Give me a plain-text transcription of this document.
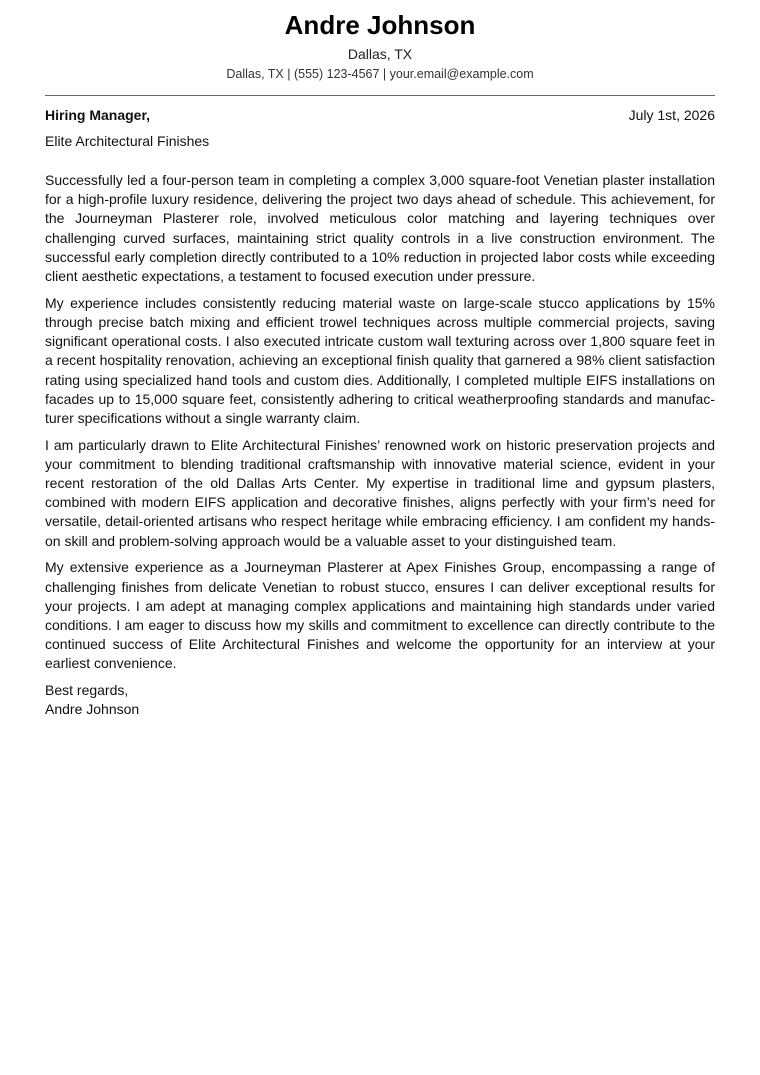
Andre Johnson
Dallas, TX
Dallas, TX | (555) 123-4567 | your.email@example.com
Hiring Manager,	July 1st, 2026
Elite Architectural Finishes

Successfully led a four-person team in completing a complex 3,000 square-foot Venetian plaster installation for a high-profile luxury residence, delivering the project two days ahead of schedule. This achievement, for the Journeyman Plasterer role, involved meticulous color matching and layering techniques over challenging curved surfaces, maintaining strict quality controls in a live construction environment. The successful early completion directly contributed to a 10% reduction in projected labor costs while exceeding client aesthetic expectations, a testament to focused execution under pressure.

My experience includes consistently reducing material waste on large-scale stucco applications by 15% through precise batch mixing and efficient trowel techniques across multiple commercial projects, saving significant operational costs. I also executed intricate custom wall texturing across over 1,800 square feet in a recent hospitality renovation, achieving an exceptional finish quality that garnered a 98% client satisfaction rating using specialized hand tools and custom dies. Additionally, I completed multiple EIFS installations on facades up to 15,000 square feet, consistently adhering to critical weatherproofing standards and manufacturer specifications without a single warranty claim.

I am particularly drawn to Elite Architectural Finishes’ renowned work on historic preservation projects and your commitment to blending traditional craftsmanship with innovative material science, evident in your recent restoration of the old Dallas Arts Center. My expertise in traditional lime and gypsum plasters, combined with modern EIFS application and decorative finishes, aligns perfectly with your firm’s need for versatile, detail-oriented artisans who respect heritage while embracing efficiency. I am confident my hands-on skill and problem-solving approach would be a valuable asset to your distinguished team.

My extensive experience as a Journeyman Plasterer at Apex Finishes Group, encompassing a range of challenging finishes from delicate Venetian to robust stucco, ensures I can deliver exceptional results for your projects. I am adept at managing complex applications and maintaining high standards under varied conditions. I am eager to discuss how my skills and commitment to excellence can directly contribute to the continued success of Elite Architectural Finishes and welcome the opportunity for an interview at your earliest convenience.

Best regards,
Andre Johnson
